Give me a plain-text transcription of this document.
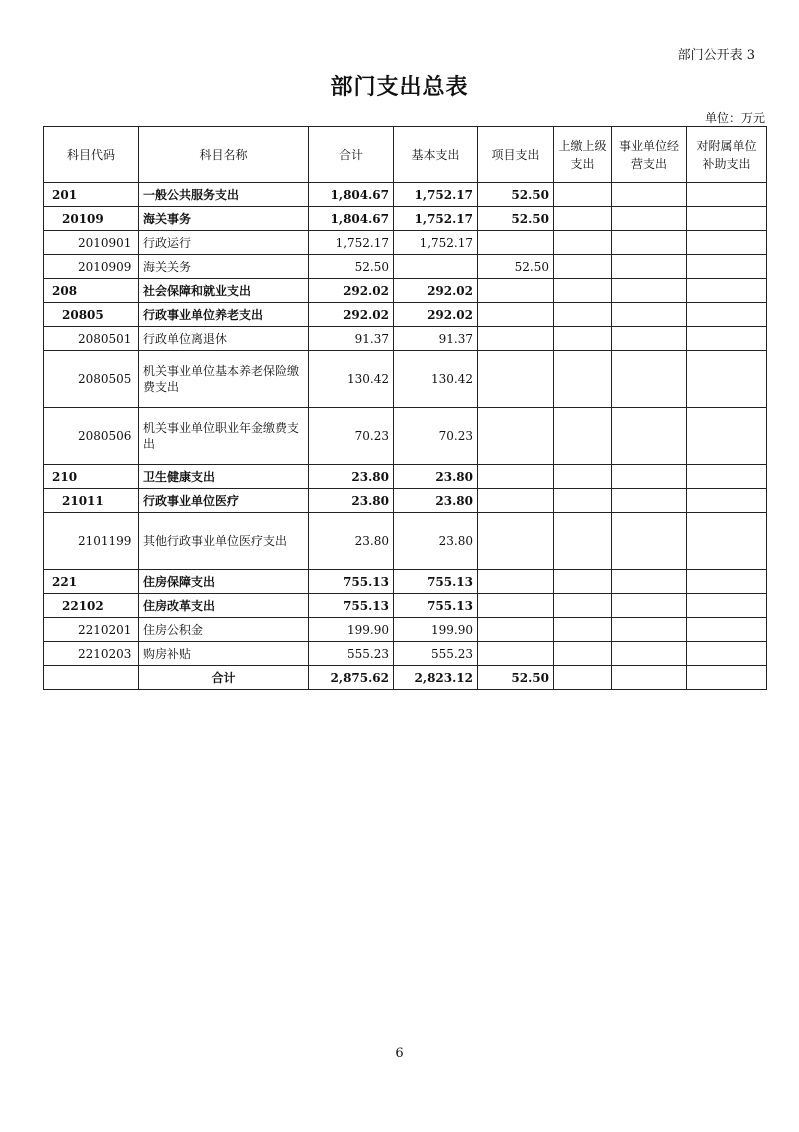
部门公开表 3
部门支出总表
单位：万元
科目代码	科目名称	合计	基本支出	项目支出	上缴上级支出	事业单位经营支出	对附属单位补助支出
201	一般公共服务支出	1,804.67	1,752.17	52.50			
20109	海关事务	1,804.67	1,752.17	52.50			
2010901	行政运行	1,752.17	1,752.17				
2010909	海关关务	52.50		52.50			
208	社会保障和就业支出	292.02	292.02				
20805	行政事业单位养老支出	292.02	292.02				
2080501	行政单位离退休	91.37	91.37				
2080505	机关事业单位基本养老保险缴费支出	130.42	130.42				
2080506	机关事业单位职业年金缴费支出	70.23	70.23				
210	卫生健康支出	23.80	23.80				
21011	行政事业单位医疗	23.80	23.80				
2101199	其他行政事业单位医疗支出	23.80	23.80				
221	住房保障支出	755.13	755.13				
22102	住房改革支出	755.13	755.13				
2210201	住房公积金	199.90	199.90				
2210203	购房补贴	555.23	555.23				
	合计	2,875.62	2,823.12	52.50			
6
